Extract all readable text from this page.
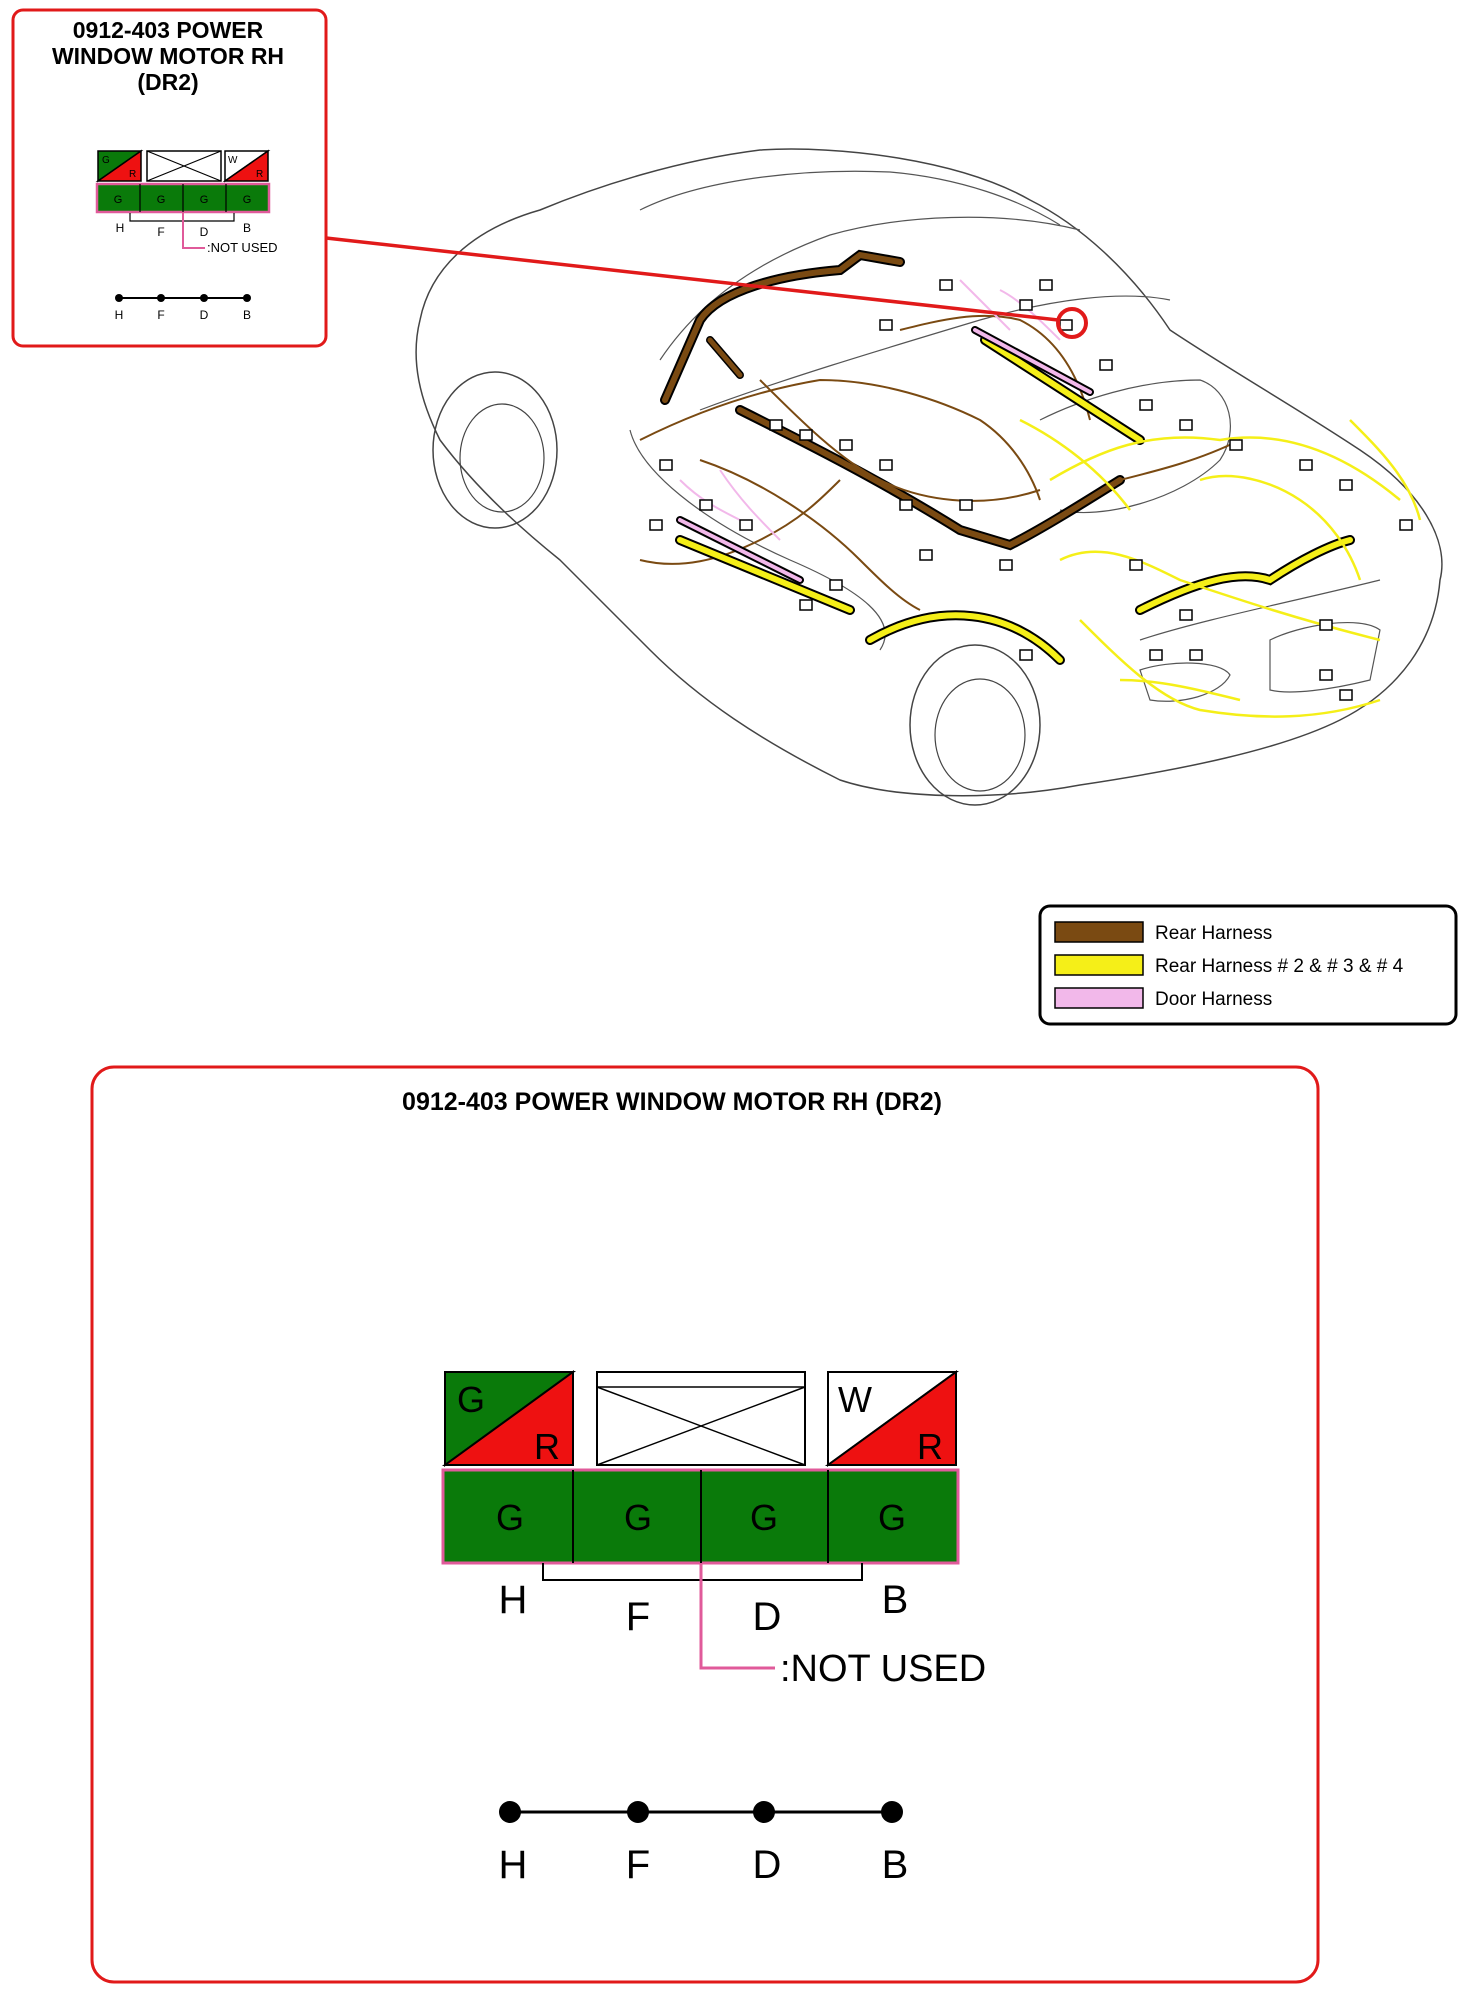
0912-403 POWER
WINDOW MOTOR RH
(DR2)
G
R
W
R
G	G	G	G
H	F	D	B
:NOT USED
H	F	D	B
Rear Harness
Rear Harness # 2 & # 3 & # 4
Door Harness
0912-403 POWER WINDOW MOTOR RH (DR2)
G
R
W
R
G	G	G	G
H F	D	B
:NOT USED
H F	D	B
